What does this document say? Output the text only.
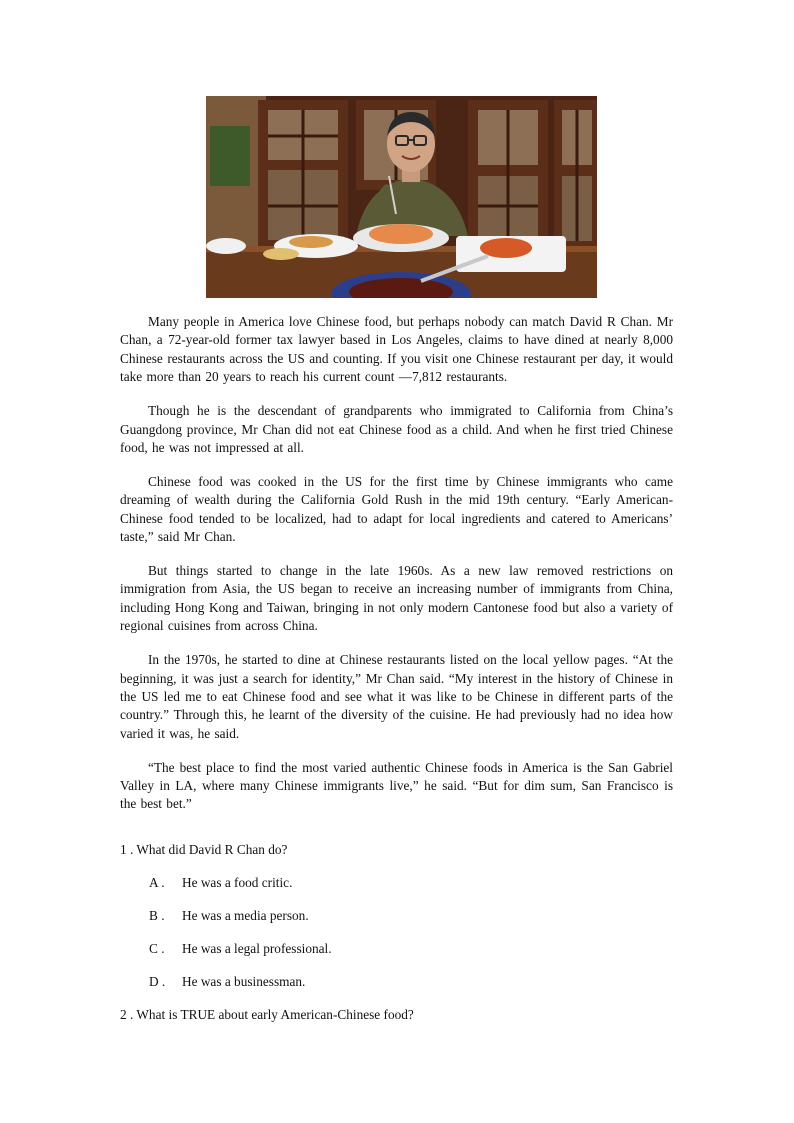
Many people in America love Chinese food, but perhaps nobody can match David R Chan. Mr Chan, a 72-year-old former tax lawyer based in Los Angeles, claims to have dined at nearly 8,000 Chinese restaurants across the US and counting. If you visit one Chinese restaurant per day, it would take more than 20 years to reach his current count —7,812 restaurants.

Though he is the descendant of grandparents who immigrated to California from China’s Guangdong province, Mr Chan did not eat Chinese food as a child. And when he first tried Chinese food, he was not impressed at all.

Chinese food was cooked in the US for the first time by Chinese immigrants who came dreaming of wealth during the California Gold Rush in the mid 19th century. “Early American-Chinese food tended to be localized, had to adapt for local ingredients and catered to Americans’ taste,” said Mr Chan.

But things started to change in the late 1960s. As a new law removed restrictions on immigration from Asia, the US began to receive an increasing number of immigrants from China, including Hong Kong and Taiwan, bringing in not only modern Cantonese food but also a variety of regional cuisines from across China.

In the 1970s, he started to dine at Chinese restaurants listed on the local yellow pages. “At the beginning, it was just a search for identity,” Mr Chan said. “My interest in the history of Chinese in the US led me to eat Chinese food and see what it was like to be Chinese in different parts of the country.” Through this, he learnt of the diversity of the cuisine. He had previously had no idea how varied it was, he said.

“The best place to find the most varied authentic Chinese foods in America is the San Gabriel Valley in LA, where many Chinese immigrants live,” he said. “But for dim sum, San Francisco is the best bet.”

1 . What did David R Chan do?
A . He was a food critic.
B . He was a media person.
C . He was a legal professional.
D . He was a businessman.
2 . What is TRUE about early American-Chinese food?
